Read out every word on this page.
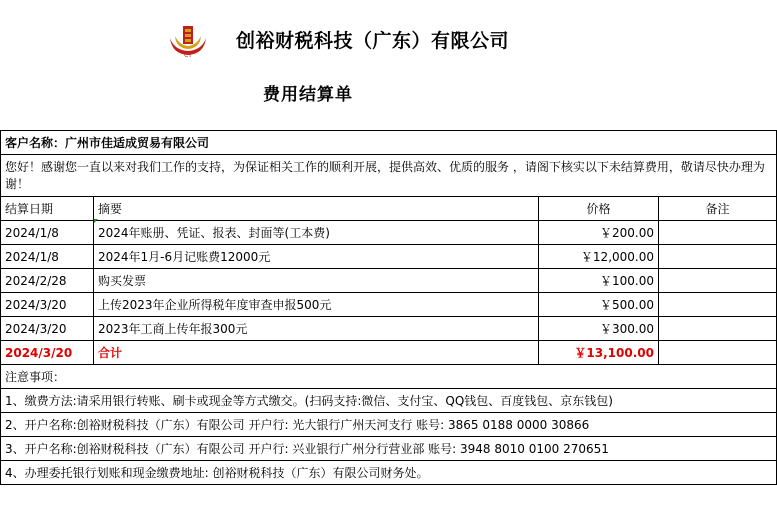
CY
创裕财税科技（广东）有限公司
费用结算单
客户名称：广州市佳适成贸易有限公司			
您好！感谢您一直以来对我们工作的支持，为保证相关工作的顺利开展，提供高效、优质的服务 ，请阁下核实以下未结算费用，敬请尽快办理为谢！			
结算日期	摘要	价格	备注
2024/1/8	2024年账册、凭证、报表、封面等(工本费)	￥200.00	
2024/1/8	2024年1月-6月记账费12000元	￥12,000.00	
2024/2/28	购买发票	￥100.00	
2024/3/20	上传2023年企业所得税年度审查申报500元	￥500.00	
2024/3/20	2023年工商上传年报300元	￥300.00	
2024/3/20	合计	￥13,100.00	
注意事项：			
1、缴费方法:请采用银行转账、刷卡或现金等方式缴交。(扫码支持:微信、支付宝、QQ钱包、百度钱包、京东钱包)			
2、开户名称:创裕财税科技（广东）有限公司 开户行: 光大银行广州天河支行 账号: 3865 0188 0000 30866			
3、开户名称:创裕财税科技（广东）有限公司 开户行: 兴业银行广州分行营业部 账号: 3948 8010 0100 270651			
4、办理委托银行划账和现金缴费地址: 创裕财税科技（广东）有限公司财务处。			
